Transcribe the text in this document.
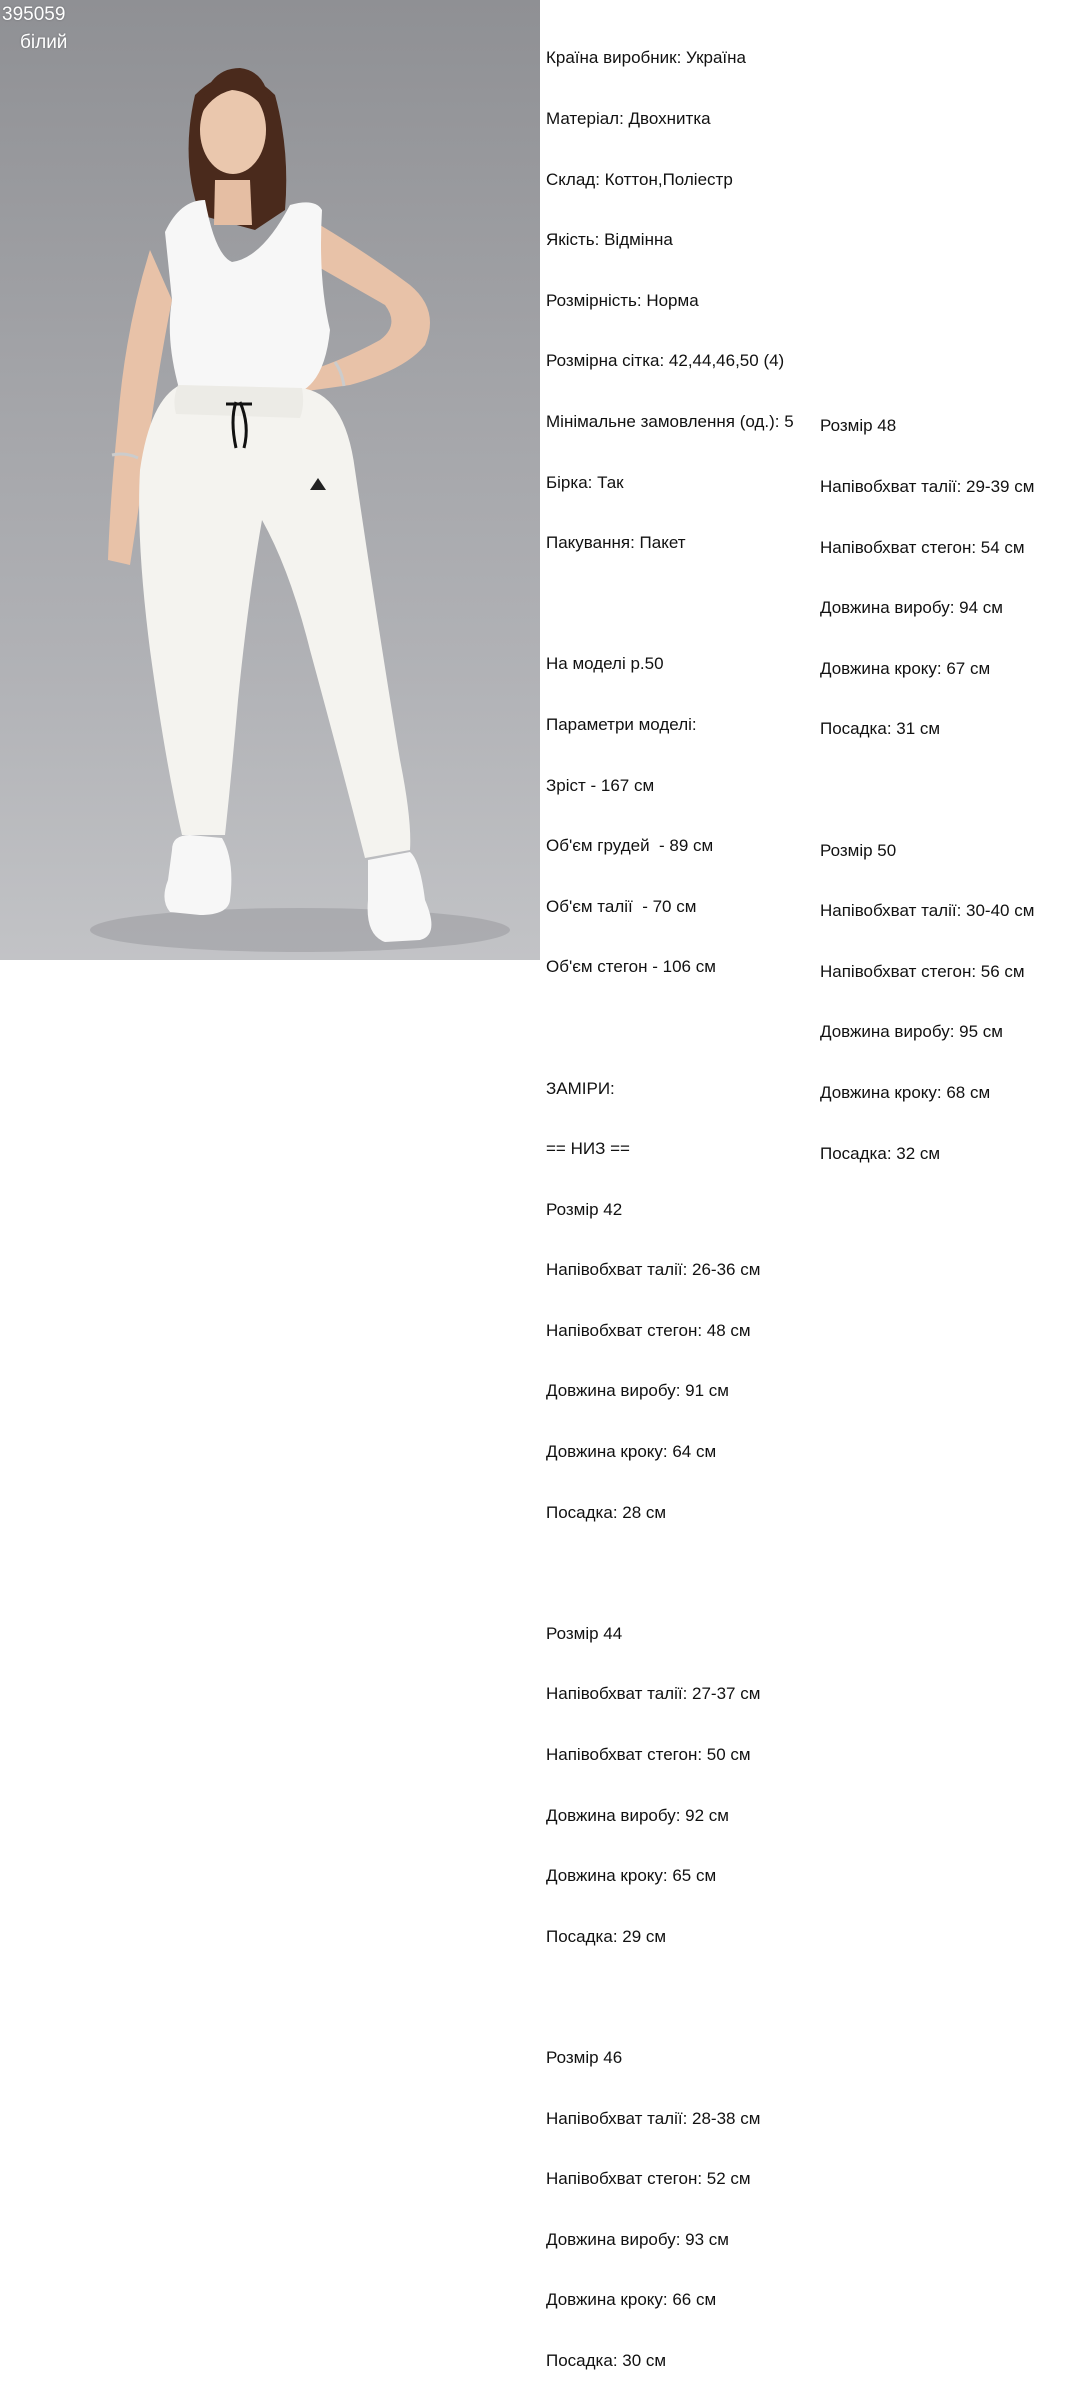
395059
білий

Країна виробник: Україна

Матеріал: Двохнитка

Склад: Коттон,Поліестр

Якість: Відмінна

Розмірність: Норма

Розмірна сітка: 42,44,46,50 (4)

Мінімальне замовлення (од.): 5

Бірка: Так

Пакування: Пакет

На моделі р.50

Параметри моделі:

Зріст - 167 см

Об'єм грудей  - 89 см

Об'єм талії  - 70 см

Об'єм стегон - 106 см

ЗАМІРИ:

== НИЗ ==

Розмір 42

Напівобхват талії: 26-36 см

Напівобхват стегон: 48 см

Довжина виробу: 91 см

Довжина кроку: 64 см

Посадка: 28 см

Розмір 44

Напівобхват талії: 27-37 см

Напівобхват стегон: 50 см

Довжина виробу: 92 см

Довжина кроку: 65 см

Посадка: 29 см

Розмір 46

Напівобхват талії: 28-38 см

Напівобхват стегон: 52 см

Довжина виробу: 93 см

Довжина кроку: 66 см

Посадка: 30 см

Розмір 48

Напівобхват талії: 29-39 см

Напівобхват стегон: 54 см

Довжина виробу: 94 см

Довжина кроку: 67 см

Посадка: 31 см

Розмір 50

Напівобхват талії: 30-40 см

Напівобхват стегон: 56 см

Довжина виробу: 95 см

Довжина кроку: 68 см

Посадка: 32 см
